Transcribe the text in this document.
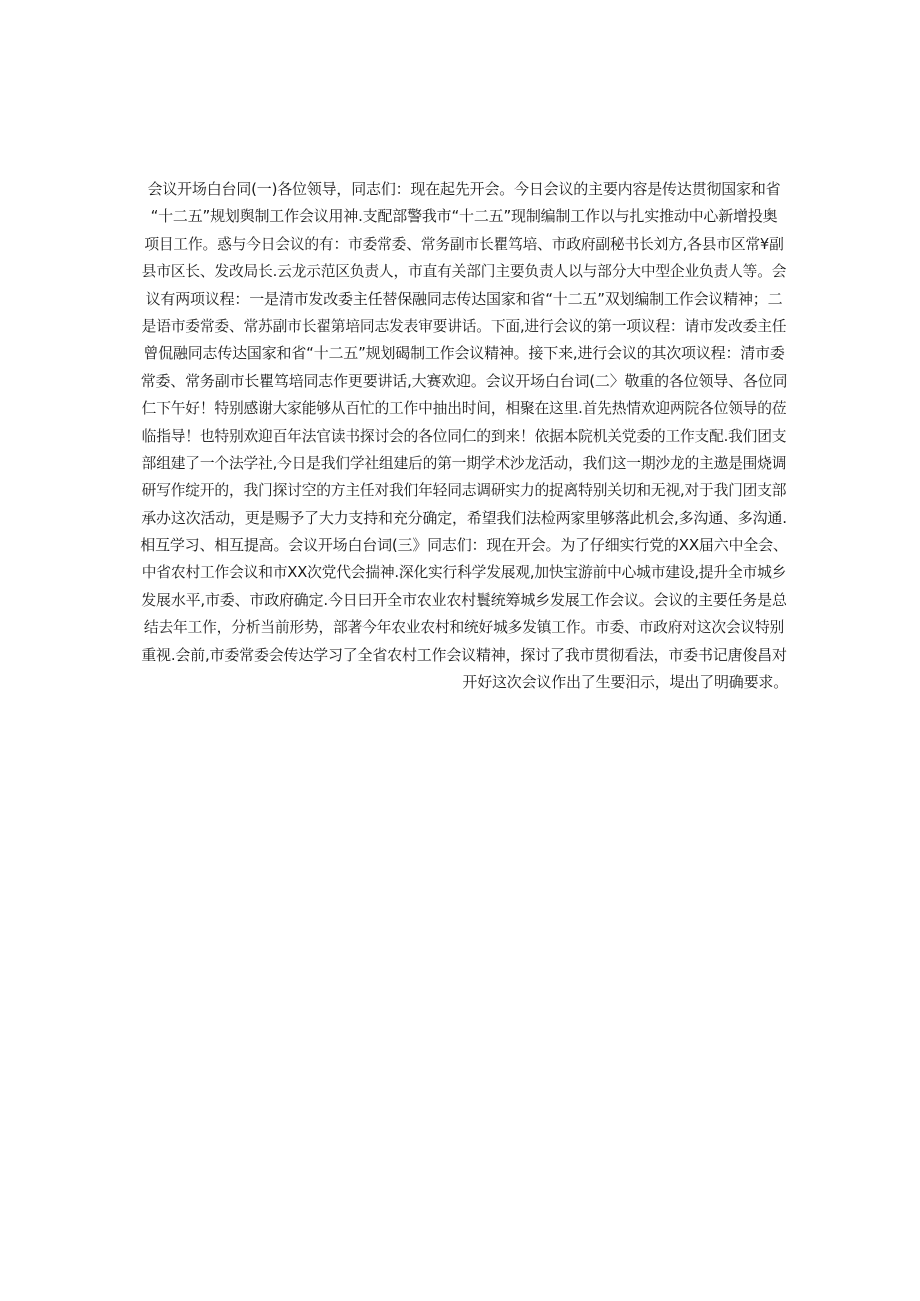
会议开场白台同(一)各位领导，同志们：现在起先开会。今日会议的主要内容是传达贯彻国家和省
“十二五”规划舆制工作会议用神.支配部警我市“十二五”现制编制工作以与扎实推动中心新增投奥
项目工作。惑与今日会议的有：市委常委、常务副市长瞿笃培、市政府副秘书长刘方,各县市区常¥副
县市区长、发改局长.云龙示范区负责人，市直有关部门主要负责人以与部分大中型企业负责人等。会
议有两项议程：一是清市发改委主任替保融同志传达国家和省“十二五”双划编制工作会议精神；二
是语市委常委、常苏副市长翟第培同志发表审要讲话。下面,进行会议的第一项议程：请市发改委主任
曾侃融同志传达国家和省“十二五”规划碣制工作会议精神。接下来,进行会议的其次项议程：清市委
常委、常务副市长瞿笃培同志作更要讲话,大赛欢迎。会议开场白台词(二〉敬重的各位领导、各位同
仁下午好！特别感谢大家能够从百忙的工作中抽出时间，相聚在这里.首先热情欢迎两院各位领导的莅
临指导！也特别欢迎百年法官读书探讨会的各位同仁的到来！依据本院机关党委的工作支配.我们团支
部组建了一个法学社,今日是我们学社组建后的第一期学术沙龙活动，我们这一期沙龙的主遨是围烧调
研写作绽开的，我门探讨空的方主任对我们年轻同志调研实力的捉离特别关切和无视,对于我门团支部
承办这次活动，更是赐予了大力支持和充分确定，希望我们法检两家里够落此机会,多沟通、多沟通.
相互学习、相互提高。会议开场白台词(三》同志们：现在开会。为了仔细实行党的XX届六中全会、
中省农村工作会议和市XX次党代会揣神.深化实行科学发展观,加快宝游前中心城市建设,提升全市城乡
发展水平,市委、市政府确定.今日曰开全市农业农村鬟统筹城乡发展工作会议。会议的主要任务是总
结去年工作，分析当前形势，部著今年农业农村和统好城多发镇工作。市委、市政府对这次会议特别
重视.会前,市委常委会传达学习了全省农村工作会议精神，探讨了我市贯彻看法，市委书记唐俊昌对
开好这次会议作出了生要汨示，堤出了明确要求。
